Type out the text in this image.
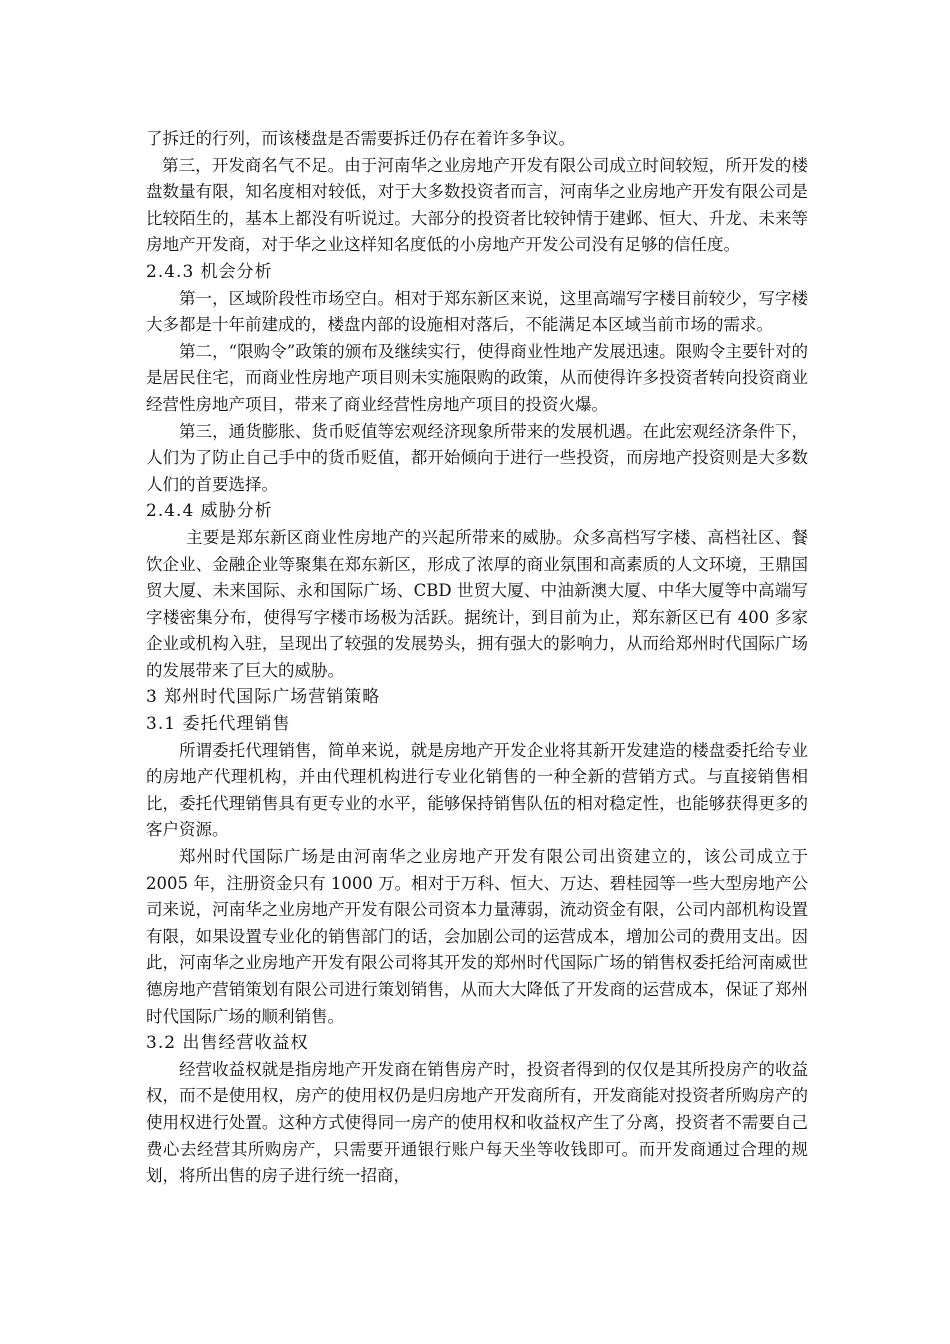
了拆迁的行列，而该楼盘是否需要拆迁仍存在着许多争议。

第三，开发商名气不足。由于河南华之业房地产开发有限公司成立时间较短，所开发的楼盘数量有限，知名度相对较低，对于大多数投资者而言，河南华之业房地产开发有限公司是比较陌生的，基本上都没有听说过。大部分的投资者比较钟情于建邺、恒大、升龙、未来等房地产开发商，对于华之业这样知名度低的小房地产开发公司没有足够的信任度。

2.4.3 机会分析

第一，区域阶段性市场空白。相对于郑东新区来说，这里高端写字楼目前较少，写字楼大多都是十年前建成的，楼盘内部的设施相对落后，不能满足本区域当前市场的需求。

第二，“限购令”政策的颁布及继续实行，使得商业性地产发展迅速。限购令主要针对的是居民住宅，而商业性房地产项目则未实施限购的政策，从而使得许多投资者转向投资商业经营性房地产项目，带来了商业经营性房地产项目的投资火爆。

第三，通货膨胀、货币贬值等宏观经济现象所带来的发展机遇。在此宏观经济条件下，人们为了防止自己手中的货币贬值，都开始倾向于进行一些投资，而房地产投资则是大多数人们的首要选择。

2.4.4 威胁分析

主要是郑东新区商业性房地产的兴起所带来的威胁。众多高档写字楼、高档社区、餐饮企业、金融企业等聚集在郑东新区，形成了浓厚的商业氛围和高素质的人文环境，王鼎国贸大厦、未来国际、永和国际广场、CBD 世贸大厦、中油新澳大厦、中华大厦等中高端写字楼密集分布，使得写字楼市场极为活跃。据统计，到目前为止，郑东新区已有 400 多家企业或机构入驻，呈现出了较强的发展势头，拥有强大的影响力，从而给郑州时代国际广场的发展带来了巨大的威胁。

3 郑州时代国际广场营销策略

3.1 委托代理销售

所谓委托代理销售，简单来说，就是房地产开发企业将其新开发建造的楼盘委托给专业的房地产代理机构，并由代理机构进行专业化销售的一种全新的营销方式。与直接销售相比，委托代理销售具有更专业的水平，能够保持销售队伍的相对稳定性，也能够获得更多的客户资源。

郑州时代国际广场是由河南华之业房地产开发有限公司出资建立的，该公司成立于 2005 年，注册资金只有 1000 万。相对于万科、恒大、万达、碧桂园等一些大型房地产公司来说，河南华之业房地产开发有限公司资本力量薄弱，流动资金有限，公司内部机构设置有限，如果设置专业化的销售部门的话，会加剧公司的运营成本，增加公司的费用支出。因此，河南华之业房地产开发有限公司将其开发的郑州时代国际广场的销售权委托给河南威世德房地产营销策划有限公司进行策划销售，从而大大降低了开发商的运营成本，保证了郑州时代国际广场的顺利销售。

3.2 出售经营收益权

经营收益权就是指房地产开发商在销售房产时，投资者得到的仅仅是其所投房产的收益权，而不是使用权，房产的使用权仍是归房地产开发商所有，开发商能对投资者所购房产的使用权进行处置。这种方式使得同一房产的使用权和收益权产生了分离，投资者不需要自己费心去经营其所购房产，只需要开通银行账户每天坐等收钱即可。而开发商通过合理的规划，将所出售的房子进行统一招商，
